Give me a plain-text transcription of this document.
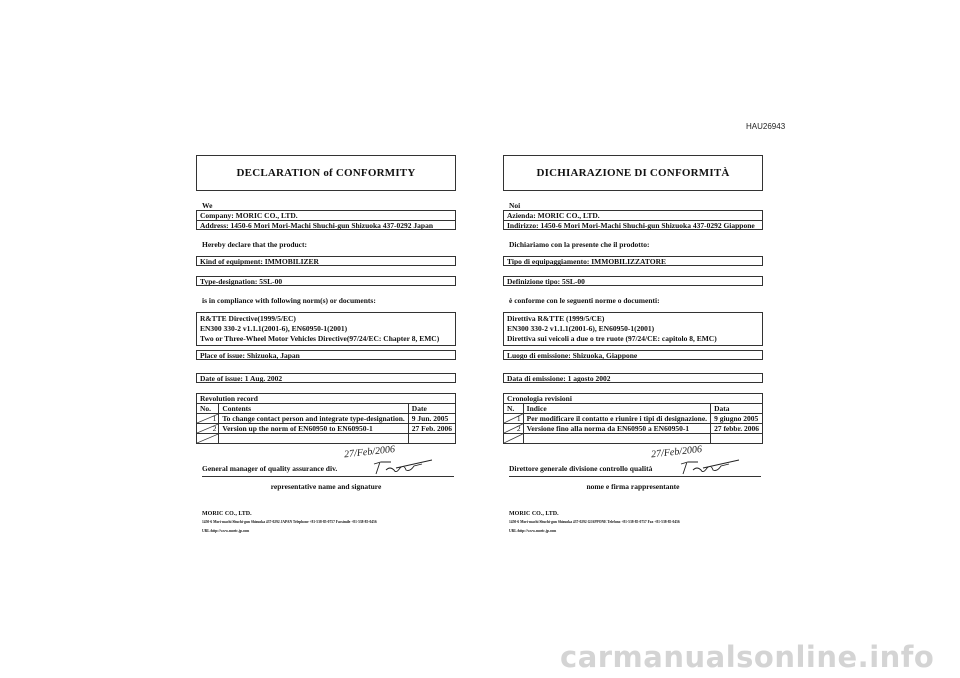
HAU26943
DECLARATION of CONFORMITY
We
Company: MORIC CO., LTD.
Address: 1450-6 Mori Mori-Machi Shuchi-gun Shizuoka 437-0292 Japan
Hereby declare that the product:
Kind of equipment: IMMOBILIZER
Type-designation: 5SL-00
is in compliance with following norm(s) or documents:
R&TTE Directive(1999/5/EC)
EN300 330-2 v1.1.1(2001-6), EN60950-1(2001)
Two or Three-Wheel Motor Vehicles Directive(97/24/EC: Chapter 8, EMC)
Place of issue: Shizuoka, Japan
Date of issue: 1 Aug. 2002
Revolution record		
No.	Contents	Date

1	To change contact person and integrate type-designation.	9 Jun. 2005

2	Version up the norm of EN60950 to EN60950-1	27 Feb. 2006

27/Feb/2006
General manager of quality assurance div.
representative name and signature
MORIC CO., LTD.
1450-6 Mori-machi Shuchi-gun Shizuoka 437-0292 JAPAN Telephone +81-538-85-0757 Facsimile +81-538-85-0456
URL:http://www.moric.jp.com
DICHIARAZIONE DI CONFORMITÀ
Noi
Azienda: MORIC CO., LTD.
Indirizzo: 1450-6 Mori Mori-Machi Shuchi-gun Shizuoka 437-0292 Giappone
Dichiariamo con la presente che il prodotto:
Tipo di equipaggiamento: IMMOBILIZZATORE
Definizione tipo: 5SL-00
è conforme con le seguenti norme o documenti:
Direttiva R&TTE (1999/5/CE)
EN300 330-2 v1.1.1(2001-6), EN60950-1(2001)
Direttiva sui veicoli a due o tre ruote (97/24/CE: capitolo 8, EMC)
Luogo di emissione: Shizuoka, Giappone
Data di emissione: 1 agosto 2002
Cronologia revisioni		
N.	Indice	Data

1	Per modificare il contatto e riunire i tipi di designazione.	9 giugno 2005

2	Versione fino alla norma da EN60950 a EN60950-1	27 febbr. 2006

27/Feb/2006
Direttore generale divisione controllo qualità
nome e firma rappresentante
MORIC CO., LTD.
1450-6 Mori-machi Shuchi-gun Shizuoka 437-0292 GIAPPONE Telefono +81-538-85-0757 Fax +81-538-85-0456
URL:http://www.moric.jp.com
carmanualsonline.info
